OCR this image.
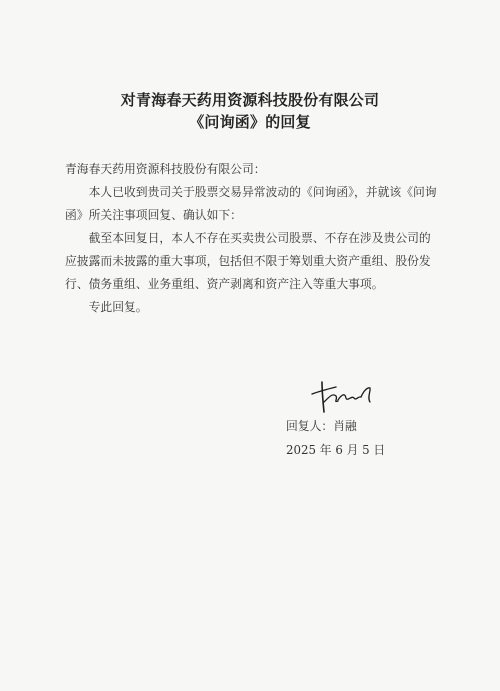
对青海春天药用资源科技股份有限公司
《问询函》的回复
青海春天药用资源科技股份有限公司：

本人已收到贵司关于股票交易异常波动的《问询函》，并就该《问询函》所关注事项回复、确认如下：

截至本回复日，本人不存在买卖贵公司股票、不存在涉及贵公司的应披露而未披露的重大事项，包括但不限于筹划重大资产重组、股份发行、债务重组、业务重组、资产剥离和资产注入等重大事项。

专此回复。

回复人：肖融
2025 年 6 月 5 日
